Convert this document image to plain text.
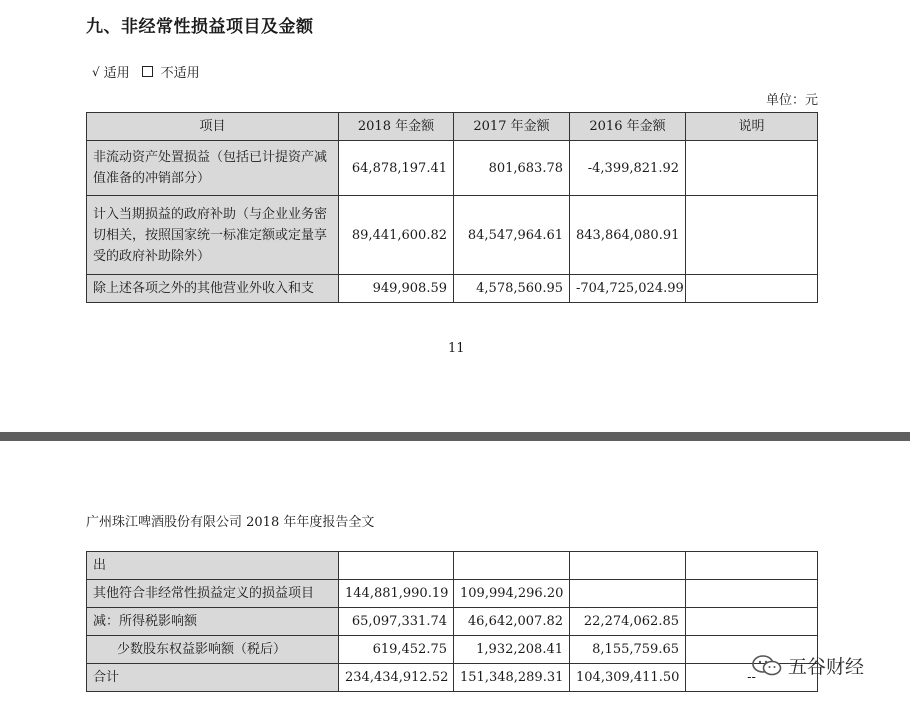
九、非经常性损益项目及金额
√ 适用 不适用
单位：元
项目	2018 年金额	2017 年金额	2016 年金额	说明
非流动资产处置损益（包括已计提资产减值准备的冲销部分）	64,878,197.41	801,683.78	-4,399,821.92	
计入当期损益的政府补助（与企业业务密切相关，按照国家统一标准定额或定量享受的政府补助除外）	89,441,600.82	84,547,964.61	843,864,080.91	
除上述各项之外的其他营业外收入和支	949,908.59	4,578,560.95	-704,725,024.99	
11
广州珠江啤酒股份有限公司 2018 年年度报告全文
出				
其他符合非经常性损益定义的损益项目	144,881,990.19	109,994,296.20		
减：所得税影响额	65,097,331.74	46,642,007.82	22,274,062.85	
少数股东权益影响额（税后）	619,452.75	1,932,208.41	8,155,759.65	
合计	234,434,912.52	151,348,289.31	104,309,411.50	-- 五谷财经
